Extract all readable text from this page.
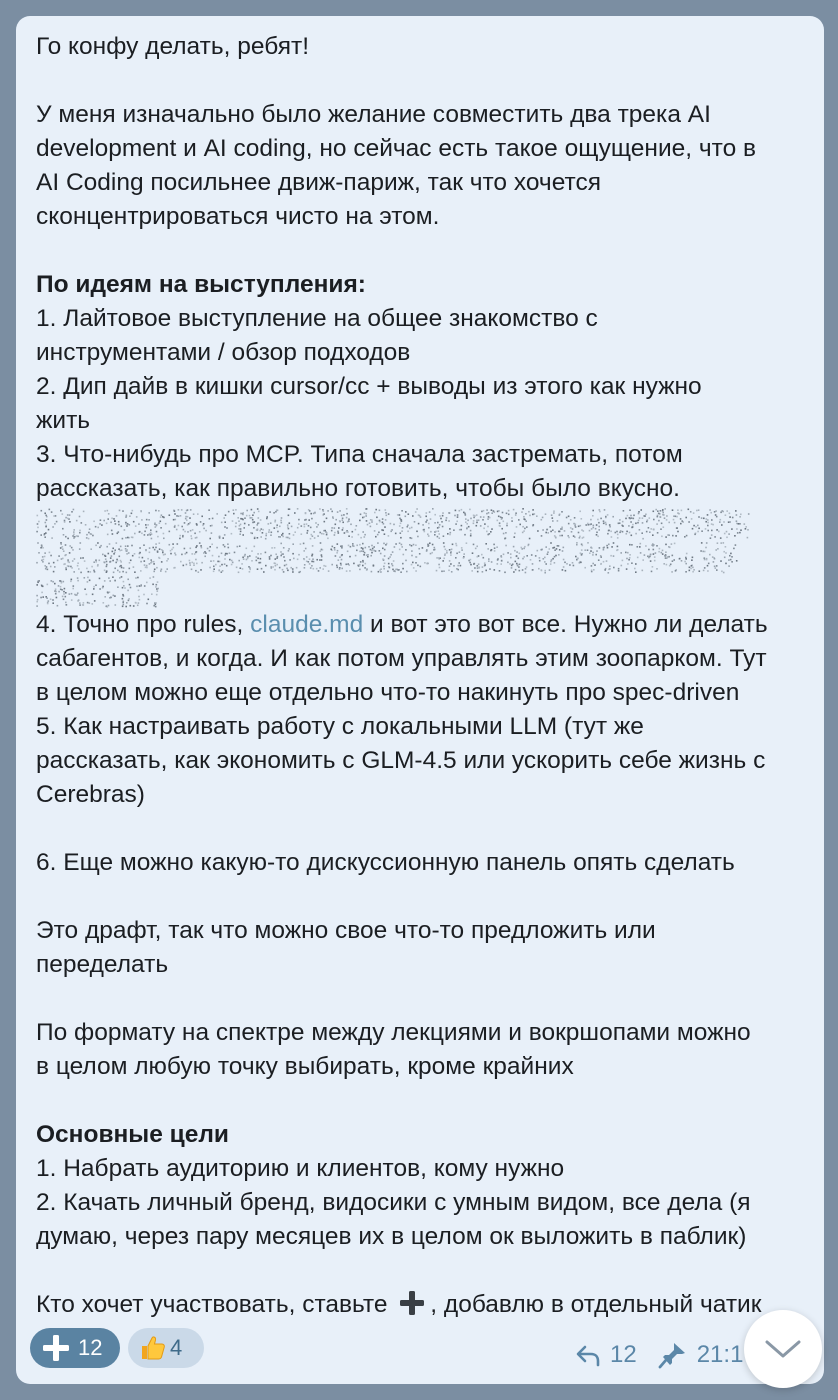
Го конфу делать, ребят!
У меня изначально было желание совместить два трека AI
development и AI coding, но сейчас есть такое ощущение, что в
AI Coding посильнее движ-париж, так что хочется
сконцентрироваться чисто на этом.
По идеям на выступления:
1. Лайтовое выступление на общее знакомство с
инструментами / обзор подходов
2. Дип дайв в кишки cursor/cc + выводы из этого как нужно
жить
3. Что-нибудь про MCP. Типа сначала застремать, потом
рассказать, как правильно готовить, чтобы было вкусно.
4. Точно про rules, claude.md и вот это вот все. Нужно ли делать
сабагентов, и когда. И как потом управлять этим зоопарком. Тут
в целом можно еще отдельно что-то накинуть про spec-driven
5. Как настраивать работу с локальными LLM (тут же
рассказать, как экономить с GLM-4.5 или ускорить себе жизнь с
Cerebras)
6. Еще можно какую-то дискуссионную панель опять сделать
Это драфт, так что можно свое что-то предложить или
переделать
По формату на спектре между лекциями и вокршопами можно
в целом любую точку выбирать, кроме крайних
Основные цели
1. Набрать аудиторию и клиентов, кому нужно
2. Качать личный бренд, видосики с умным видом, все дела (я
думаю, через пару месяцев их в целом ок выложить в паблик)
Кто хочет участвовать, ставьте , добавлю в отдельный чатик
12	4	12	21:1
